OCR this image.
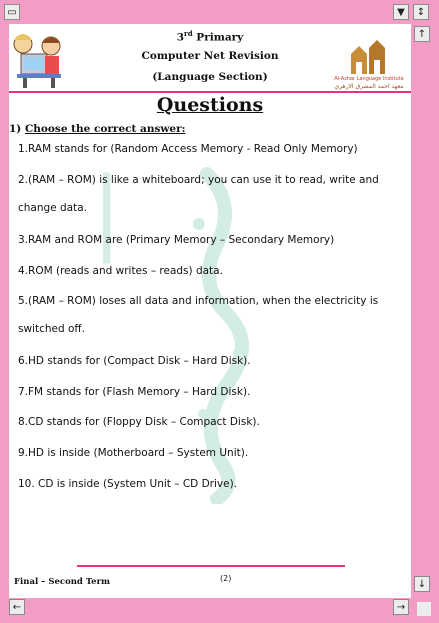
▭	▼ ↕
3rd Primary
Computer Net Revision
(Language Section)	Al-Azhar Language Institute
معهد احمد المشرق الازهري
ـــــ
Questions
1) Choose the correct answer:
1.RAM stands for (Random Access Memory - Read Only Memory)
2.(RAM – ROM) is like a whiteboard; you can use it to read, write and
change data.
3.RAM and ROM are (Primary Memory – Secondary Memory)
4.ROM (reads and writes – reads) data.
5.(RAM – ROM) loses all data and information, when the electricity is
switched off.
6.HD stands for (Compact Disk – Hard Disk).
7.FM stands for (Flash Memory – Hard Disk).
8.CD stands for (Floppy Disk – Compact Disk).
9.HD is inside (Motherboard – System Unit).
10. CD is inside (System Unit – CD Drive).
(2)
Final – Second Term
↑
↓
←	→
